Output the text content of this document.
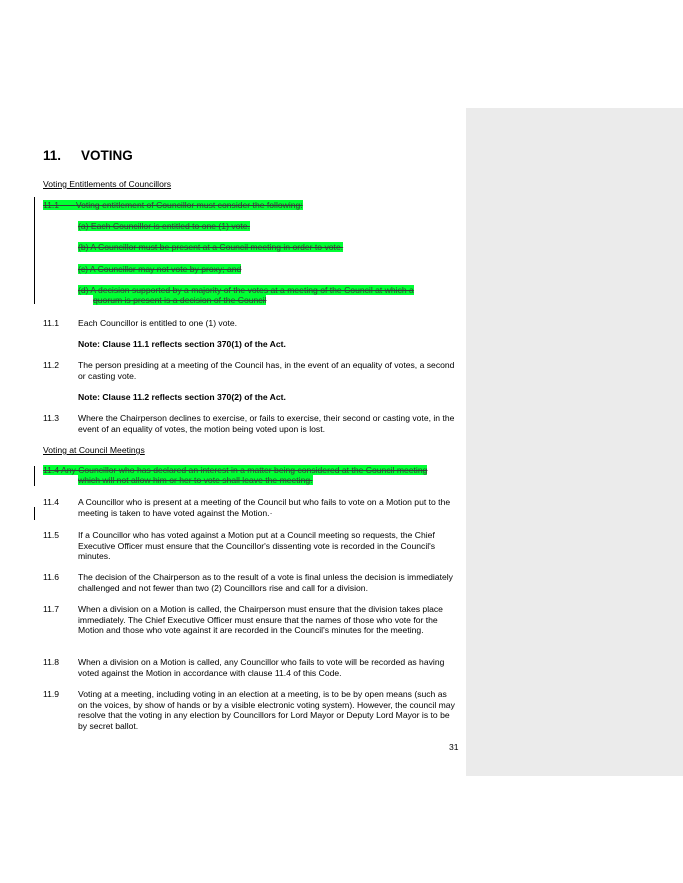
11. VOTING
Voting Entitlements of Councillors
11.1 Voting entitlement of Councillor must consider the following:
(a) Each Councillor is entitled to one (1) vote.
(b) A Councillor must be present at a Council meeting in order to vote.
(c) A Councillor may not vote by proxy; and
(d) A decision supported by a majority of the votes at a meeting of the Council at which a
quorum is present is a decision of the Council
11.1	Each Councillor is entitled to one (1) vote.
Note: Clause 11.1 reflects section 370(1) of the Act.
11.2	The person presiding at a meeting of the Council has, in the event of an equality of votes, a second or casting vote.
Note: Clause 11.2 reflects section 370(2) of the Act.
11.3	Where the Chairperson declines to exercise, or fails to exercise, their second or casting vote, in the event of an equality of votes, the motion being voted upon is lost.
Voting at Council Meetings
11.4 Any Councillor who has declared an interest in a matter being considered at the Council meeting
which will not allow him or her to vote shall leave the meeting.
11.4	A Councillor who is present at a meeting of the Council but who fails to vote on a Motion put to the meeting is taken to have voted against the Motion.·
11.5	If a Councillor who has voted against a Motion put at a Council meeting so requests, the Chief Executive Officer must ensure that the Councillor's dissenting vote is recorded in the Council's minutes.
11.6	The decision of the Chairperson as to the result of a vote is final unless the decision is immediately challenged and not fewer than two (2) Councillors rise and call for a division.
11.7	When a division on a Motion is called, the Chairperson must ensure that the division takes place immediately. The Chief Executive Officer must ensure that the names of those who vote for the Motion and those who vote against it are recorded in the Council's minutes for the meeting.
11.8	When a division on a Motion is called, any Councillor who fails to vote will be recorded as having voted against the Motion in accordance with clause 11.4 of this Code.
11.9	Voting at a meeting, including voting in an election at a meeting, is to be by open means (such as on the voices, by show of hands or by a visible electronic voting system). However, the council may resolve that the voting in any election by Councillors for Lord Mayor or Deputy Lord Mayor is to be by secret ballot.
31
